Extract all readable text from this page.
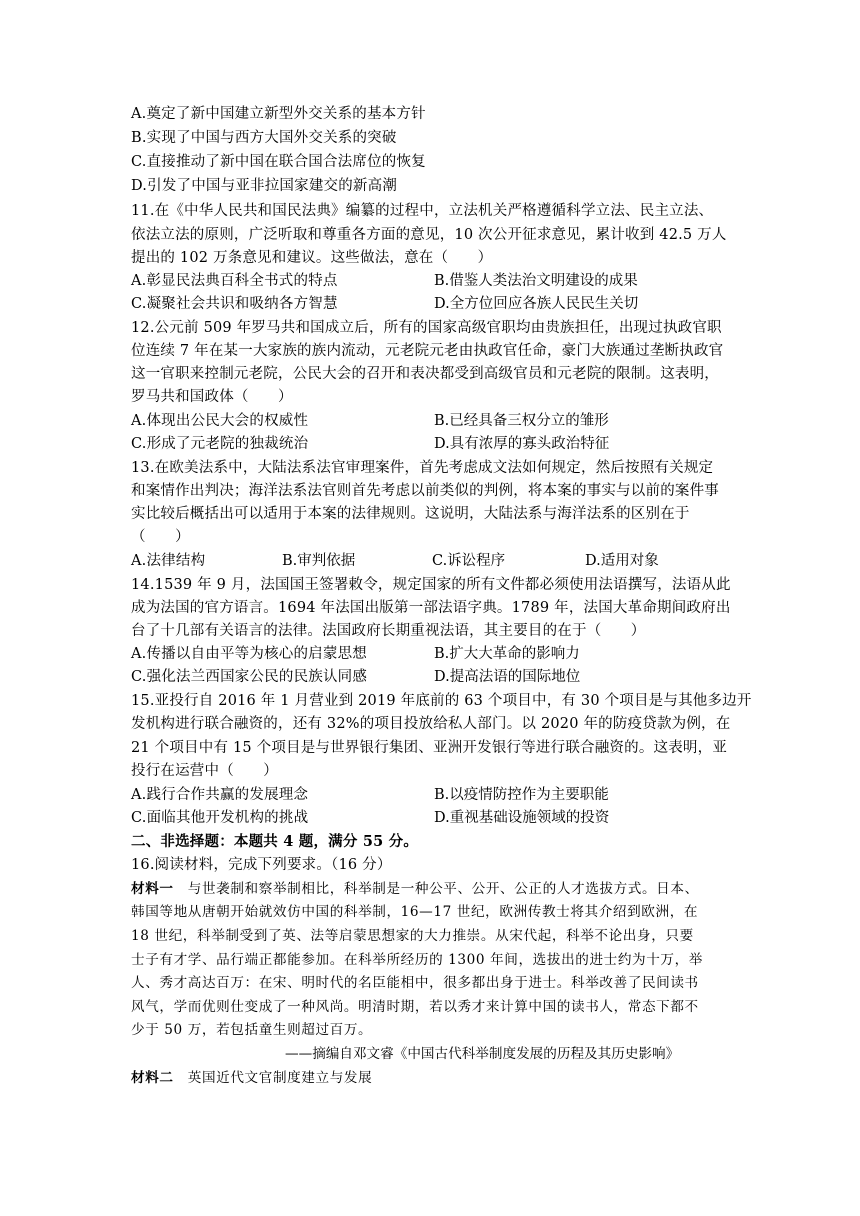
A.奠定了新中国建立新型外交关系的基本方针
B.实现了中国与西方大国外交关系的突破
C.直接推动了新中国在联合国合法席位的恢复
D.引发了中国与亚非拉国家建交的新高潮
11.在《中华人民共和国民法典》编纂的过程中，立法机关严格遵循科学立法、民主立法、
依法立法的原则，广泛听取和尊重各方面的意见，10 次公开征求意见，累计收到 42.5 万人
提出的 102 万条意见和建议。这些做法，意在（　　）
A.彰显民法典百科全书式的特点	B.借鉴人类法治文明建设的成果
C.凝聚社会共识和吸纳各方智慧	D.全方位回应各族人民民生关切
12.公元前 509 年罗马共和国成立后，所有的国家高级官职均由贵族担任，出现过执政官职
位连续 7 年在某一大家族的族内流动，元老院元老由执政官任命，豪门大族通过垄断执政官
这一官职来控制元老院，公民大会的召开和表决都受到高级官员和元老院的限制。这表明，
罗马共和国政体（　　）
A.体现出公民大会的权威性	B.已经具备三权分立的雏形
C.形成了元老院的独裁统治	D.具有浓厚的寡头政治特征
13.在欧美法系中，大陆法系法官审理案件，首先考虑成文法如何规定，然后按照有关规定
和案情作出判决；海洋法系法官则首先考虑以前类似的判例，将本案的事实与以前的案件事
实比较后概括出可以适用于本案的法律规则。这说明，大陆法系与海洋法系的区别在于
（　　）
A.法律结构	B.审判依据	C.诉讼程序	D.适用对象
14.1539 年 9 月，法国国王签署敕令，规定国家的所有文件都必须使用法语撰写，法语从此
成为法国的官方语言。1694 年法国出版第一部法语字典。1789 年，法国大革命期间政府出
台了十几部有关语言的法律。法国政府长期重视法语，其主要目的在于（　　）
A.传播以自由平等为核心的启蒙思想	B.扩大大革命的影响力
C.强化法兰西国家公民的民族认同感	D.提高法语的国际地位
15.亚投行自 2016 年 1 月营业到 2019 年底前的 63 个项目中，有 30 个项目是与其他多边开
发机构进行联合融资的，还有 32%的项目投放给私人部门。以 2020 年的防疫贷款为例，在
21 个项目中有 15 个项目是与世界银行集团、亚洲开发银行等进行联合融资的。这表明，亚
投行在运营中（　　）
A.践行合作共赢的发展理念	B.以疫情防控作为主要职能
C.面临其他开发机构的挑战	D.重视基础设施领域的投资
二、非选择题：本题共 4 题，满分 55 分。
16.阅读材料，完成下列要求。（16 分）
材料一　与世袭制和察举制相比，科举制是一种公平、公开、公正的人才选拔方式。日本、
韩国等地从唐朝开始就效仿中国的科举制，16—17 世纪，欧洲传教士将其介绍到欧洲，在
18 世纪，科举制受到了英、法等启蒙思想家的大力推崇。从宋代起，科举不论出身，只要
士子有才学、品行端正都能参加。在科举所经历的 1300 年间，选拔出的进士约为十万，举
人、秀才高达百万：在宋、明时代的名臣能相中，很多都出身于进士。科举改善了民间读书
风气，学而优则仕变成了一种风尚。明清时期，若以秀才来计算中国的读书人，常态下都不
少于 50 万，若包括童生则超过百万。
——摘编自邓文睿《中国古代科举制度发展的历程及其历史影响》
材料二　英国近代文官制度建立与发展
